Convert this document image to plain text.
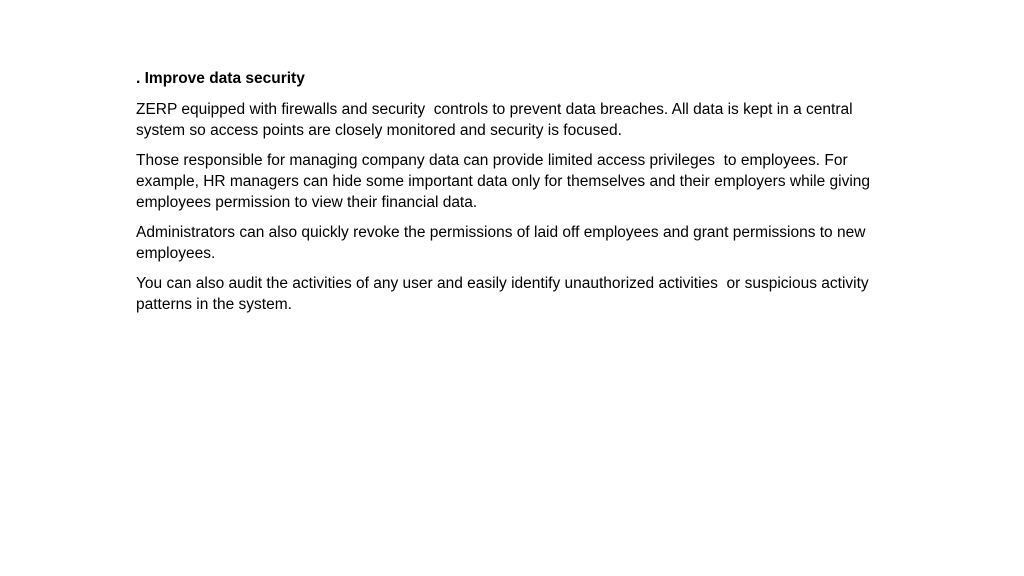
. Improve data security

ZERP equipped with firewalls and security  controls to prevent data breaches. All data is kept in a central system so access points are closely monitored and security is focused.

Those responsible for managing company data can provide limited access privileges  to employees. For example, HR managers can hide some important data only for themselves and their employers while giving employees permission to view their financial data.

Administrators can also quickly revoke the permissions of laid off employees and grant permissions to new employees.

You can also audit the activities of any user and easily identify unauthorized activities  or suspicious activity patterns in the system.
